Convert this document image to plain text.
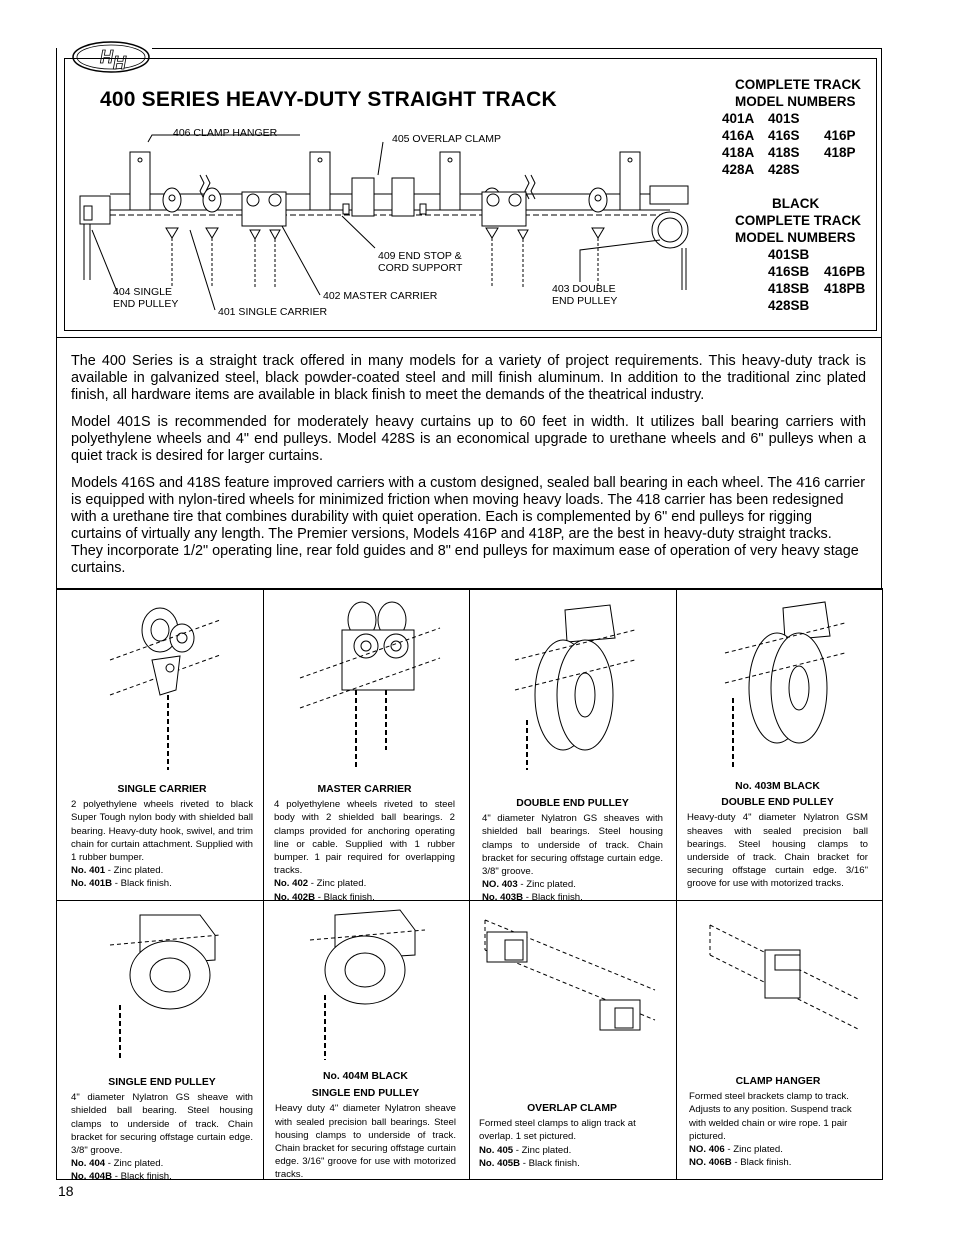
H H
400 SERIES HEAVY-DUTY STRAIGHT TRACK
COMPLETE TRACK
MODEL NUMBERS
401A	401S
416A	416S	416P
418A	418S	418P
428A	428S
BLACK
COMPLETE TRACK
MODEL NUMBERS
401SB
416SB	416PB
418SB	418PB
428SB
406 CLAMP HANGER	405 OVERLAP CLAMP
409 END STOP &
CORD SUPPORT
404 SINGLE
END PULLEY
402 MASTER CARRIER
403 DOUBLE
END PULLEY
401 SINGLE CARRIER

The 400 Series is a straight track offered in many models for a variety of project requirements. This heavy-duty track is available in galvanized steel, black powder-coated steel and mill finish aluminum. In addition to the traditional zinc plated finish, all hardware items are available in black finish to meet the demands of the theatrical industry.

Model 401S is recommended for moderately heavy curtains up to 60 feet in width. It utilizes ball bearing carriers with polyethylene wheels and 4" end pulleys. Model 428S is an economical upgrade to urethane wheels and 6" pulleys when a quiet track is desired for larger curtains.

Models 416S and 418S feature improved carriers with a custom designed, sealed ball bearing in each wheel. The 416 carrier is equipped with nylon-tired wheels for minimized friction when moving heavy loads. The 418 carrier has been redesigned with a urethane tire that combines durability with quiet operation. Each is complemented by 6" end pulleys for rigging curtains of virtually any length. The Premier versions, Models 416P and 418P, are the best in heavy-duty straight tracks. They incorporate 1/2" operating line, rear fold guides and 8" end pulleys for maximum ease of operation of very heavy stage curtains.

SINGLE CARRIER
2 polyethylene wheels riveted to black Super Tough nylon body with shielded ball bearing. Heavy-duty hook, swivel, and trim chain for curtain attachment. Supplied with 1 rubber bumper.
No. 401 - Zinc plated.
No. 401B - Black finish.
MASTER CARRIER
4 polyethylene wheels riveted to steel body with 2 shielded ball bearings. 2 clamps provided for anchoring operating line or cable. Supplied with 1 rubber bumper. 1 pair required for overlapping tracks.
No. 402 - Zinc plated.
No. 402B - Black finish.
DOUBLE END PULLEY
4" diameter Nylatron GS sheaves with shielded ball bearings. Steel housing clamps to underside of track. Chain bracket for securing offstage curtain edge. 3/8" groove.
NO. 403 - Zinc plated.
No. 403B - Black finish.
No. 403M BLACK
DOUBLE END PULLEY
Heavy-duty 4" diameter Nylatron GSM sheaves with sealed precision ball bearings. Steel housing clamps to underside of track. Chain bracket for securing offstage curtain edge. 3/16" groove for use with motorized tracks.
SINGLE END PULLEY
4" diameter Nylatron GS sheave with shielded ball bearing. Steel housing clamps to underside of track. Chain bracket for securing offstage curtain edge. 3/8" groove.
No. 404 - Zinc plated.
No. 404B - Black finish.
No. 404M BLACK
SINGLE END PULLEY
Heavy duty 4" diameter Nylatron sheave with sealed precision ball bearings. Steel housing clamps to underside of track. Chain bracket for securing offstage curtain edge. 3/16" groove for use with motorized tracks.
OVERLAP CLAMP
Formed steel clamps to align track at overlap. 1 set pictured.
No. 405 - Zinc plated.
No. 405B - Black finish.
CLAMP HANGER
Formed steel brackets clamp to track. Adjusts to any position. Suspend track with welded chain or wire rope. 1 pair pictured.
NO. 406 - Zinc plated.
NO. 406B - Black finish.
18
